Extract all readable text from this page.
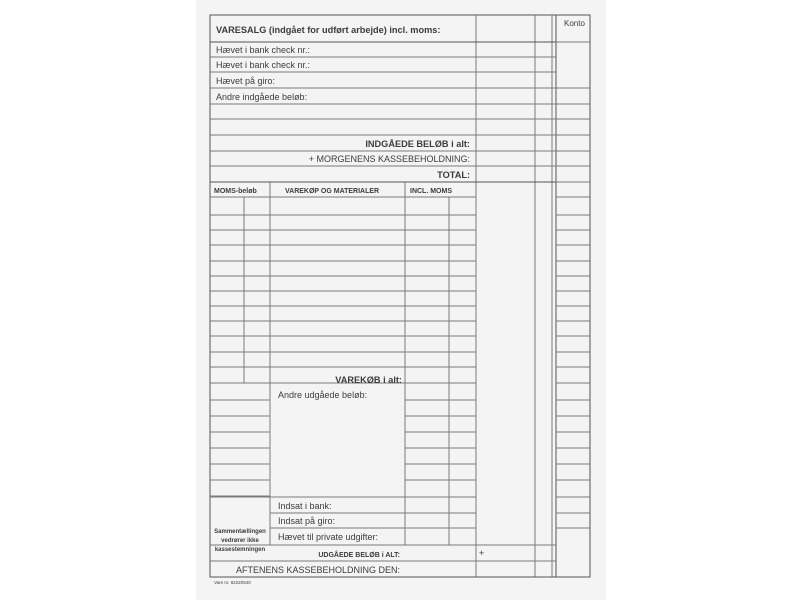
Konto
VARESALG (indgået for udført arbejde) incl. moms:
Hævet i bank check nr.:
Hævet i bank check nr.:
Hævet på giro:
Andre indgåede beløb:
INDGÅEDE BELØB i alt:
+ MORGENENS KASSEBEHOLDNING:
TOTAL:
MOMS-beløb	VAREKØP OG MATERIALER	INCL. MOMS
VAREKØB i alt:
Andre udgåede beløb:
Indsat i bank:
Indsat på giro:
Hævet til private udgifter:
UDGÅEDE BELØB i ALT:	+
Sammentællingen
vedrører ikke
kassestemningen
AFTENENS KASSEBEHOLDNING DEN:
Vare nr. 92220540
